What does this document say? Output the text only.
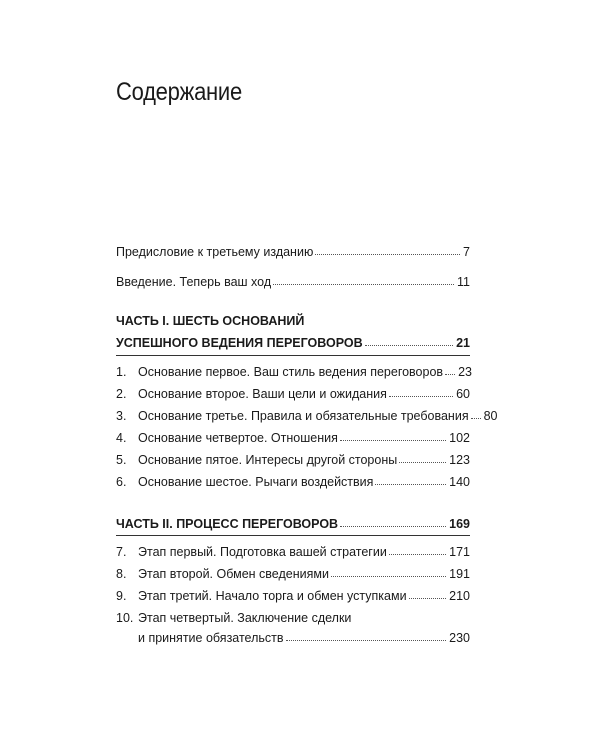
Содержание
Предисловие к третьему изданию	7
Введение. Теперь ваш ход	11
ЧАСТЬ I. ШЕСТЬ ОСНОВАНИЙ
УСПЕШНОГО ВЕДЕНИЯ ПЕРЕГОВОРОВ	21
1. Основание первое. Ваш стиль ведения переговоров 23
2. Основание второе. Ваши цели и ожидания	60
3. Основание третье. Правила и обязательные требования 80
4. Основание четвертое. Отношения	102
5. Основание пятое. Интересы другой стороны	123
6. Основание шестое. Рычаги воздействия	140
ЧАСТЬ II. ПРОЦЕСС ПЕРЕГОВОРОВ	169
7. Этап первый. Подготовка вашей стратегии	171
8. Этап второй. Обмен сведениями	191
9. Этап третий. Начало торга и обмен уступками	210
10. Этап четвертый. Заключение сделки
и принятие обязательств	230
